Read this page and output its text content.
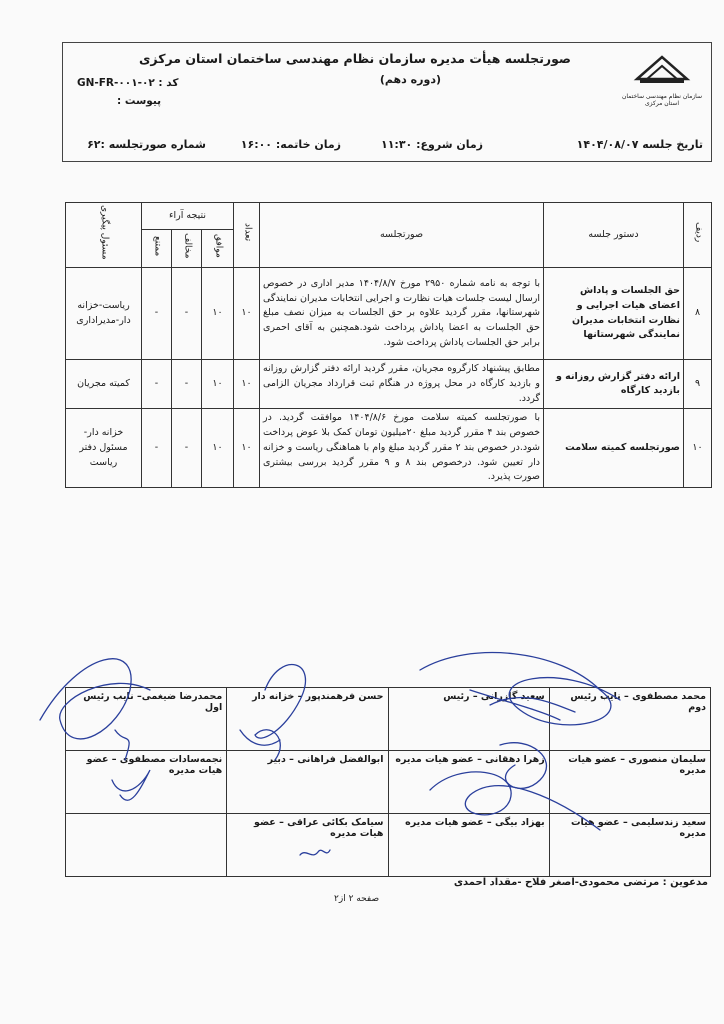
سازمان نظام مهندسی ساختمان استان مرکزی
صورتجلسه هیأت مدیره سازمان نظام مهندسی ساختمان استان مرکزی
(دوره دهم)
کد : GN-FR-۰۰۱-۰۲
پیوست :
تاریخ جلسه ۱۴۰۴/۰۸/۰۷
زمان شروع: ۱۱:۳۰
زمان خاتمه: ۱۶:۰۰
شماره صورتجلسه :۶۲
ردیف	دستور جلسه	صورتجلسه	تعداد	نتیجه آراء			مسئول پیگیری
				موافق	مخالف	ممتنع	
۸	حق الجلسات و پاداش اعضای هیات اجرایی و نظارت انتخابات مدیران نمایندگی شهرستانها	با توجه به نامه شماره ۲۹۵۰ مورخ ۱۴۰۴/۸/۷ مدیر اداری در خصوص ارسال لیست جلسات هیات نظارت و اجرایی انتخابات مدیران نمایندگی شهرستانها، مقرر گردید علاوه بر حق الجلسات به میزان نصف مبلغ حق الجلسات به اعضا پاداش پرداخت شود.همچنین به آقای احمری برابر حق الجلسات پاداش پرداخت شود.	۱۰	۱۰	-	-	ریاست-خزانه دار-مدیراداری
۹	ارائه دفتر گزارش روزانه و بازدید کارگاه	مطابق پیشنهاد کارگروه مجریان، مقرر گردید ارائه دفتر گزارش روزانه و بازدید کارگاه در محل پروژه در هنگام ثبت قرارداد مجریان الزامی گردد.	۱۰	۱۰	-	-	کمیته مجریان
۱۰	صورتجلسه کمیته سلامت	با صورتجلسه کمیته سلامت مورخ ۱۴۰۴/۸/۶ موافقت گردید. در خصوص بند ۴ مقرر گردید مبلغ ۲۰میلیون تومان کمک بلا عوض پرداخت شود.در خصوص بند ۲ مقرر گردید مبلغ وام با هماهنگی ریاست و خزانه دار تعیین شود. درخصوص بند ۸ و ۹ مقرر گردید بررسی بیشتری صورت پذیرد.	۱۰	۱۰	-	-	خزانه دار- مسئول دفتر ریاست
محمد مصطفوی – نایب رئیس دوم	سعید گازرانی – رئیس	حسن فرهمندپور – خزانه دار	محمدرضا ضیغمی– نایب رئیس اول
سلیمان منصوری – عضو هیات مدیره	زهرا دهقانی – عضو هیات مدیره	ابوالفضل فراهانی – دبیر	نجمه‌سادات مصطفوی – عضو هیات مدیره
سعید زندسلیمی – عضو هیات مدیره	بهزاد بیگی – عضو هیات مدیره	سیامک بکائی عراقی – عضو هیات مدیره	
مدعوین : مرتضی محمودی-اصغر فلاح -مقداد احمدی
صفحه ۲ از۲
